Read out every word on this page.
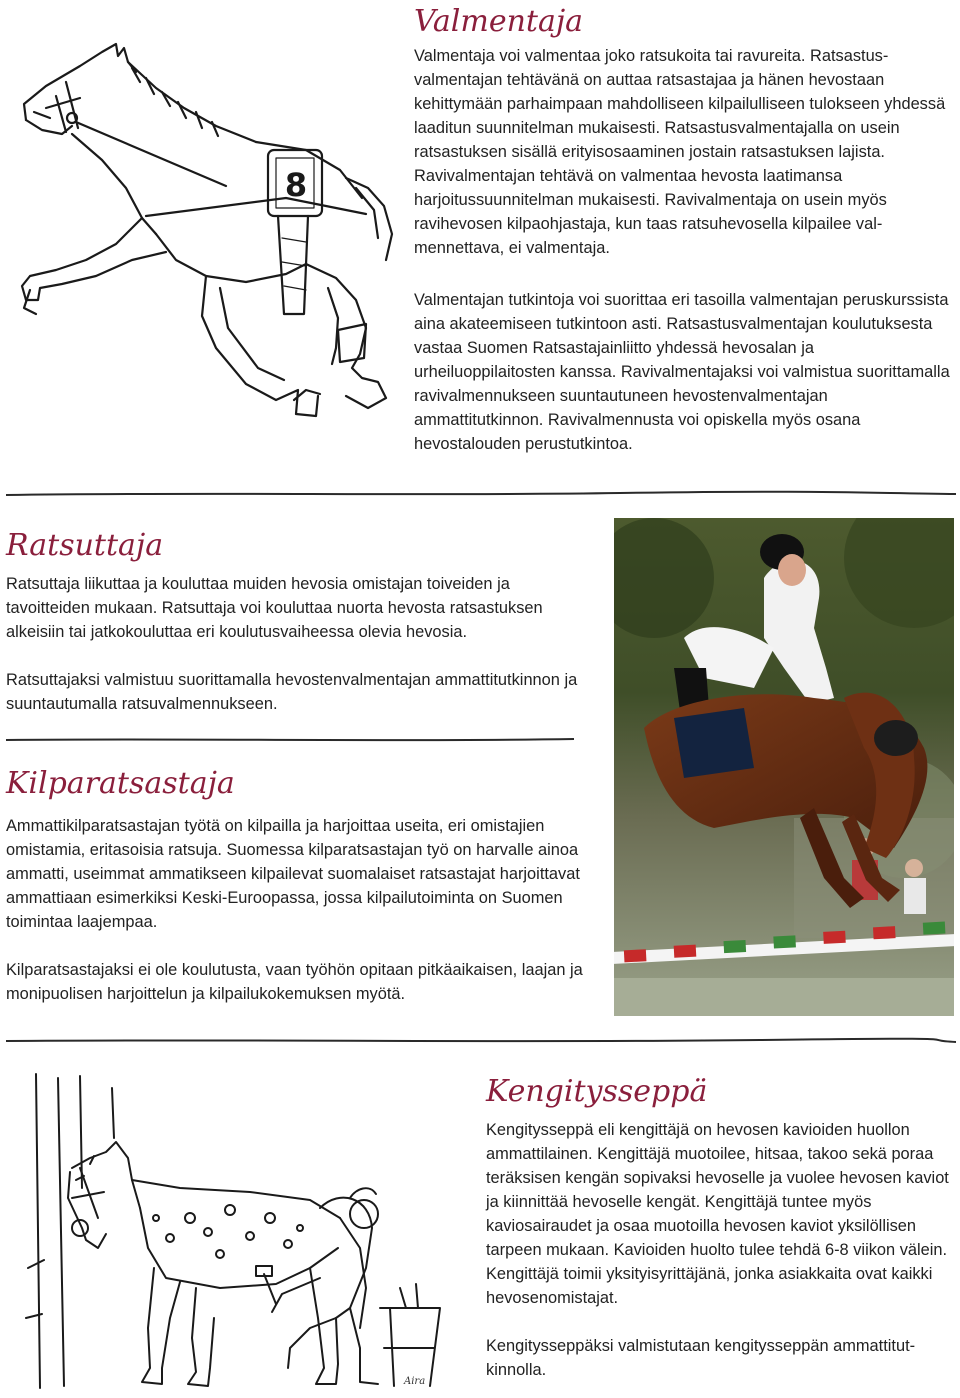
8
Valmentaja

Valmentaja voi valmentaa joko ratsukoita tai ravureita. Ratsastusvalmentajan tehtävänä on auttaa ratsastajaa ja hänen hevostaan kehittymään parhaimpaan mahdolliseen kilpailulliseen tulokseen yhdessä laaditun suunnitelman mukaisesti. Ratsastusvalmentajalla on usein ratsastuksen sisällä erityisosaaminen jostain ratsastuksen lajista. Ravivalmentajan tehtävä on valmentaa hevosta laatimansa harjoitussuunnitelman mukaisesti. Ravivalmentaja on usein myös ravihevosen kilpaohjastaja, kun taas ratsuhevosella kilpailee valmennettava, ei valmentaja.

Valmentajan tutkintoja voi suorittaa eri tasoilla valmentajan peruskurssista aina akateemiseen tutkintoon asti. Ratsastusvalmentajan koulutuksesta vastaa Suomen Ratsastajainliitto yhdessä hevosalan ja urheiluoppilaitosten kanssa. Ravivalmentajaksi voi valmistua suorittamalla ravivalmennukseen suuntautuneen hevostenvalmentajan ammattitutkinnon. Ravivalmennusta voi opiskella myös osana hevostalouden perustutkintoa.

Ratsuttaja

Ratsuttaja liikuttaa ja kouluttaa muiden hevosia omistajan toiveiden ja tavoitteiden mukaan. Ratsuttaja voi kouluttaa nuorta hevosta ratsastuksen alkeisiin tai jatkokouluttaa eri koulutusvaiheessa olevia hevosia.

Ratsuttajaksi valmistuu suorittamalla hevostenvalmentajan ammattitutkinnon ja suuntautumalla ratsuvalmennukseen.

Kilparatsastaja

Ammattikilparatsastajan työtä on kilpailla ja harjoittaa useita, eri omistajien omistamia, eritasoisia ratsuja. Suomessa kilparatsastajan työ on harvalle ainoa ammatti, useimmat ammatikseen kilpailevat suomalaiset ratsastajat harjoittavat ammattiaan esimerkiksi Keski-Euroopassa, jossa kilpailutoiminta on Suomen toimintaa laajempaa.

Kilparatsastajaksi ei ole koulutusta, vaan työhön opitaan pitkäaikaisen, laajan ja monipuolisen harjoittelun ja kilpailukokemuksen myötä.

Aira
Kengitysseppä

Kengitysseppä eli kengittäjä on hevosen kavioiden huollon ammattilainen. Kengittäjä muotoilee, hitsaa, takoo sekä poraa teräksisen kengän sopivaksi hevoselle ja vuolee hevosen kaviot ja kiinnittää hevoselle kengät. Kengittäjä tuntee myös kaviosairaudet ja osaa muotoilla hevosen kaviot yksilöllisen tarpeen mukaan. Kavioiden huolto tulee tehdä 6-8 viikon välein. Kengittäjä toimii yksityisyrittäjänä, jonka asiakkaita ovat kaikki hevosenomistajat.

Kengitysseppäksi valmistutaan kengitysseppän ammattitutkinnolla.
